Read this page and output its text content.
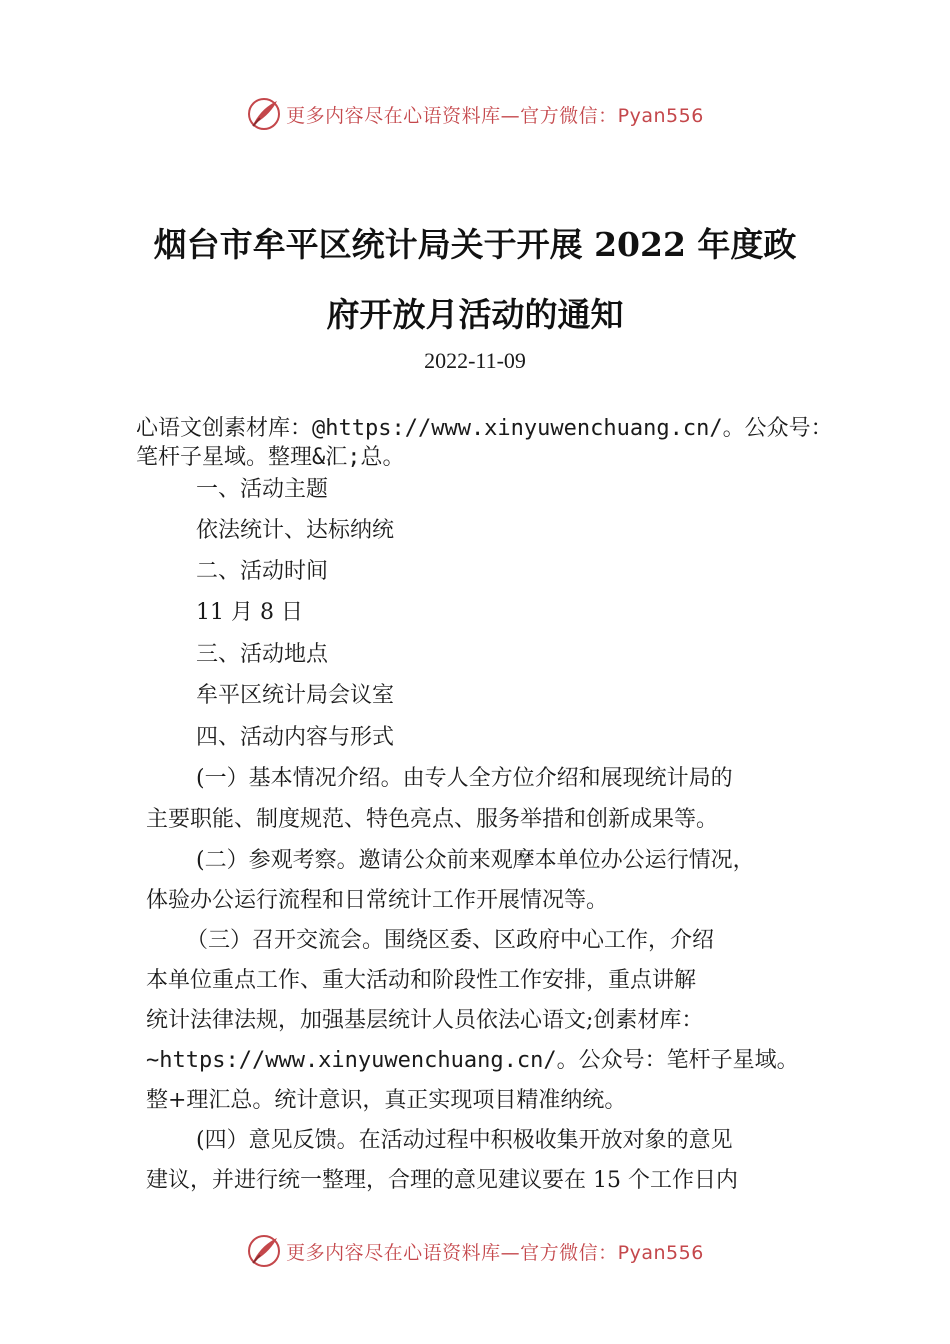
更多内容尽在心语资料库—官方微信：Pyan556
烟台市牟平区统计局关于开展 2022 年度政
府开放月活动的通知
2022-11-09
心语文创素材库：@https://www.xinyuwenchuang.cn/。公众号：
笔杆子星域。整理&汇;总。
一、活动主题
依法统计、达标纳统
二、活动时间
11 月 8 日
三、活动地点
牟平区统计局会议室
四、活动内容与形式
(一）基本情况介绍。由专人全方位介绍和展现统计局的
主要职能、制度规范、特色亮点、服务举措和创新成果等。
(二）参观考察。邀请公众前来观摩本单位办公运行情况，
体验办公运行流程和日常统计工作开展情况等。
（三）召开交流会。围绕区委、区政府中心工作，介绍
本单位重点工作、重大活动和阶段性工作安排，重点讲解
统计法律法规，加强基层统计人员依法心语文;创素材库：
~https://www.xinyuwenchuang.cn/。公众号：笔杆子星域。
整+理汇总。统计意识，真正实现项目精准纳统。
(四）意见反馈。在活动过程中积极收集开放对象的意见
建议，并进行统一整理，合理的意见建议要在 15 个工作日内
更多内容尽在心语资料库—官方微信：Pyan556
